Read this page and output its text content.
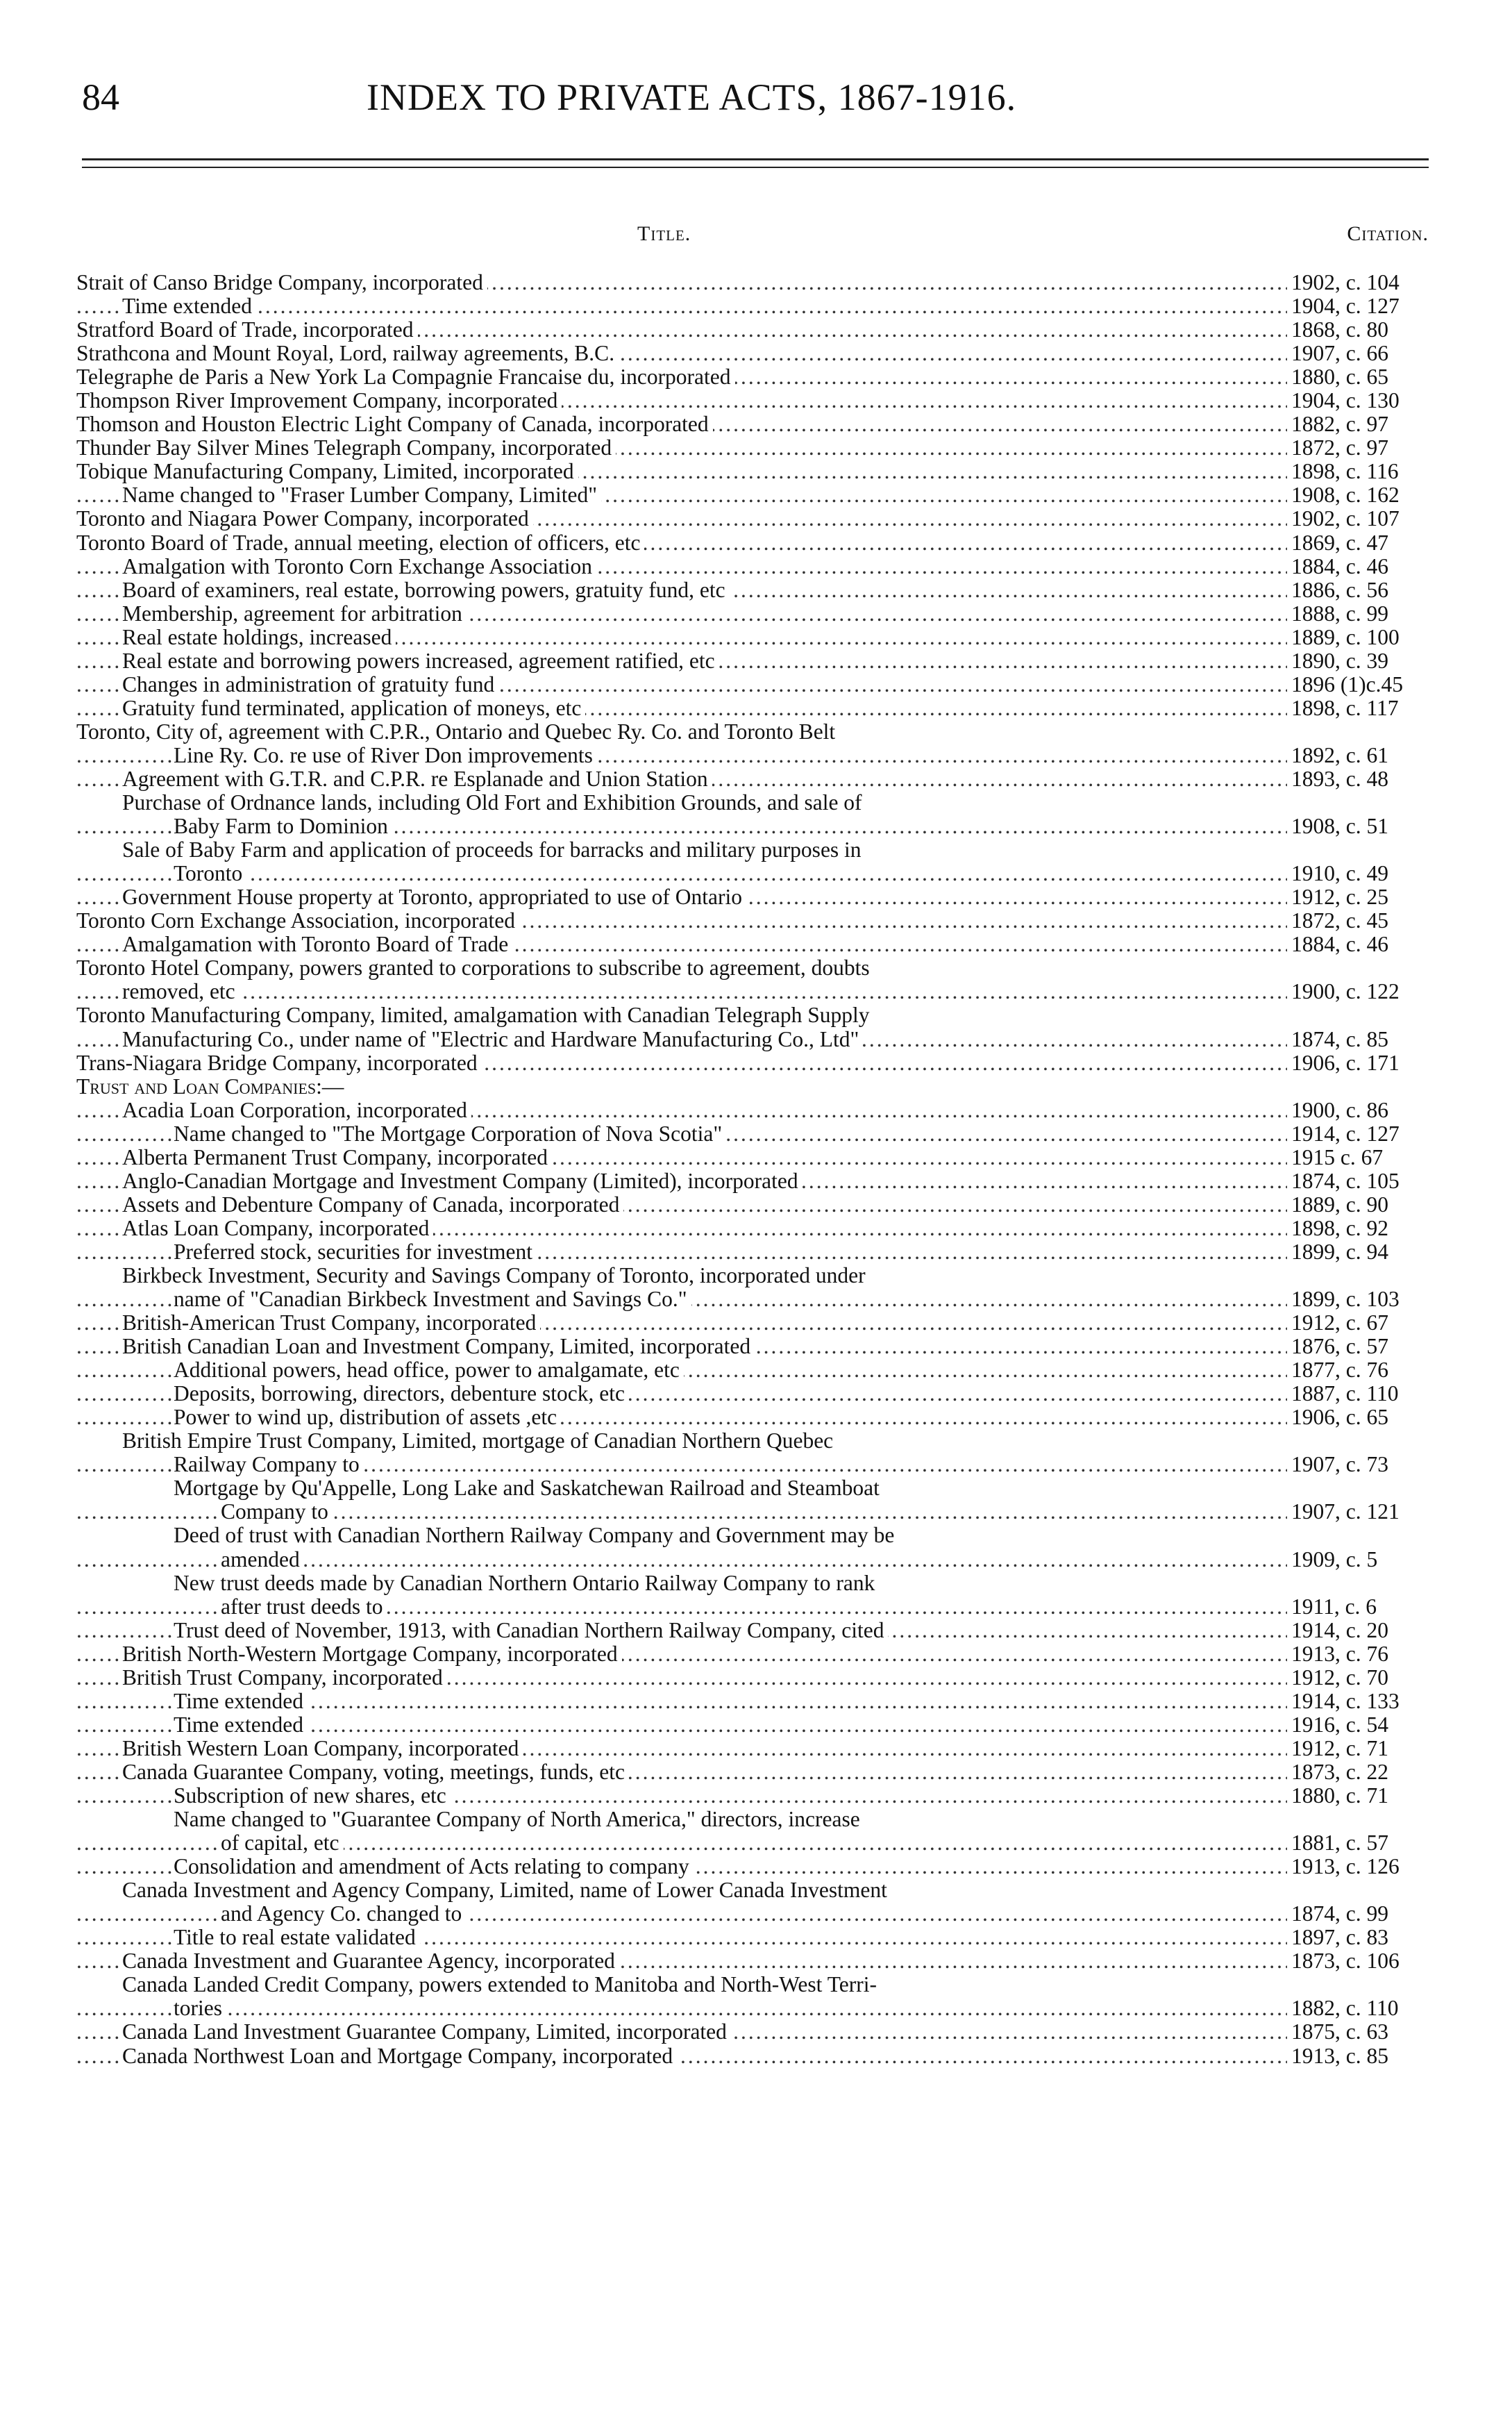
84	INDEX TO PRIVATE ACTS, 1867-1916.
Title.	Citation.
.....
Strait of Canso Bridge Company, incorporated	1902, c. 104
.....
Time extended	1904, c. 127
.....
Stratford Board of Trade, incorporated	1868, c. 80
.....
Strathcona and Mount Royal, Lord, railway agreements, B.C.	1907, c. 66
.....
Telegraphe de Paris a New York La Compagnie Francaise du, incorporated	1880, c. 65
.....
Thompson River Improvement Company, incorporated	1904, c. 130
.....
Thomson and Houston Electric Light Company of Canada, incorporated	1882, c. 97
.....
Thunder Bay Silver Mines Telegraph Company, incorporated	1872, c. 97
.....
Tobique Manufacturing Company, Limited, incorporated	1898, c. 116
.....
Name changed to "Fraser Lumber Company, Limited"	1908, c. 162
.....
Toronto and Niagara Power Company, incorporated	1902, c. 107
.....
Toronto Board of Trade, annual meeting, election of officers, etc	1869, c. 47
.....
Amalgation with Toronto Corn Exchange Association	1884, c. 46
.....
Board of examiners, real estate, borrowing powers, gratuity fund, etc	1886, c. 56
.....
Membership, agreement for arbitration	1888, c. 99
.....
Real estate holdings, increased	1889, c. 100
.....
Real estate and borrowing powers increased, agreement ratified, etc	1890, c. 39
.....
Changes in administration of gratuity fund	1896 (1)c.45
.....
Gratuity fund terminated, application of moneys, etc	1898, c. 117
Toronto, City of, agreement with C.P.R., Ontario and Quebec Ry. Co. and Toronto Belt
.....
Line Ry. Co. re use of River Don improvements	1892, c. 61
.....
Agreement with G.T.R. and C.P.R. re Esplanade and Union Station	1893, c. 48
Purchase of Ordnance lands, including Old Fort and Exhibition Grounds, and sale of
.....
Baby Farm to Dominion	1908, c. 51
Sale of Baby Farm and application of proceeds for barracks and military purposes in
.....
Toronto	1910, c. 49
.....
Government House property at Toronto, appropriated to use of Ontario	1912, c. 25
.....
Toronto Corn Exchange Association, incorporated	1872, c. 45
.....
Amalgamation with Toronto Board of Trade	1884, c. 46
Toronto Hotel Company, powers granted to corporations to subscribe to agreement, doubts
.....
removed, etc	1900, c. 122
Toronto Manufacturing Company, limited, amalgamation with Canadian Telegraph Supply
.....
Manufacturing Co., under name of "Electric and Hardware Manufacturing Co., Ltd"	1874, c. 85
.....
Trans-Niagara Bridge Company, incorporated	1906, c. 171
Trust and Loan Companies:—
.....
Acadia Loan Corporation, incorporated	1900, c. 86
.....
Name changed to "The Mortgage Corporation of Nova Scotia"	1914, c. 127
.....
Alberta Permanent Trust Company, incorporated	1915 c. 67
.....
Anglo-Canadian Mortgage and Investment Company (Limited), incorporated	1874, c. 105
.....
Assets and Debenture Company of Canada, incorporated	1889, c. 90
.....
Atlas Loan Company, incorporated	1898, c. 92
.....
Preferred stock, securities for investment	1899, c. 94
Birkbeck Investment, Security and Savings Company of Toronto, incorporated under
.....
name of "Canadian Birkbeck Investment and Savings Co."	1899, c. 103
.....
British-American Trust Company, incorporated	1912, c. 67
.....
British Canadian Loan and Investment Company, Limited, incorporated	1876, c. 57
.....
Additional powers, head office, power to amalgamate, etc	1877, c. 76
.....
Deposits, borrowing, directors, debenture stock, etc	1887, c. 110
.....
Power to wind up, distribution of assets ,etc	1906, c. 65
British Empire Trust Company, Limited, mortgage of Canadian Northern Quebec
.....
Railway Company to	1907, c. 73
Mortgage by Qu'Appelle, Long Lake and Saskatchewan Railroad and Steamboat
.....
Company to	1907, c. 121
Deed of trust with Canadian Northern Railway Company and Government may be
.....
amended	1909, c. 5
New trust deeds made by Canadian Northern Ontario Railway Company to rank
.....
after trust deeds to	1911, c. 6
.....
Trust deed of November, 1913, with Canadian Northern Railway Company, cited	1914, c. 20
.....
British North-Western Mortgage Company, incorporated	1913, c. 76
.....
British Trust Company, incorporated	1912, c. 70
.....
Time extended	1914, c. 133
.....
Time extended	1916, c. 54
.....
British Western Loan Company, incorporated	1912, c. 71
.....
Canada Guarantee Company, voting, meetings, funds, etc	1873, c. 22
.....
Subscription of new shares, etc	1880, c. 71
Name changed to "Guarantee Company of North America," directors, increase
.....
of capital, etc	1881, c. 57
.....
Consolidation and amendment of Acts relating to company	1913, c. 126
Canada Investment and Agency Company, Limited, name of Lower Canada Investment
.....
and Agency Co. changed to	1874, c. 99
.....
Title to real estate validated	1897, c. 83
.....
Canada Investment and Guarantee Agency, incorporated	1873, c. 106
Canada Landed Credit Company, powers extended to Manitoba and North-West Terri-
.....
tories	1882, c. 110
.....
Canada Land Investment Guarantee Company, Limited, incorporated	1875, c. 63
.....
Canada Northwest Loan and Mortgage Company, incorporated	1913, c. 85
